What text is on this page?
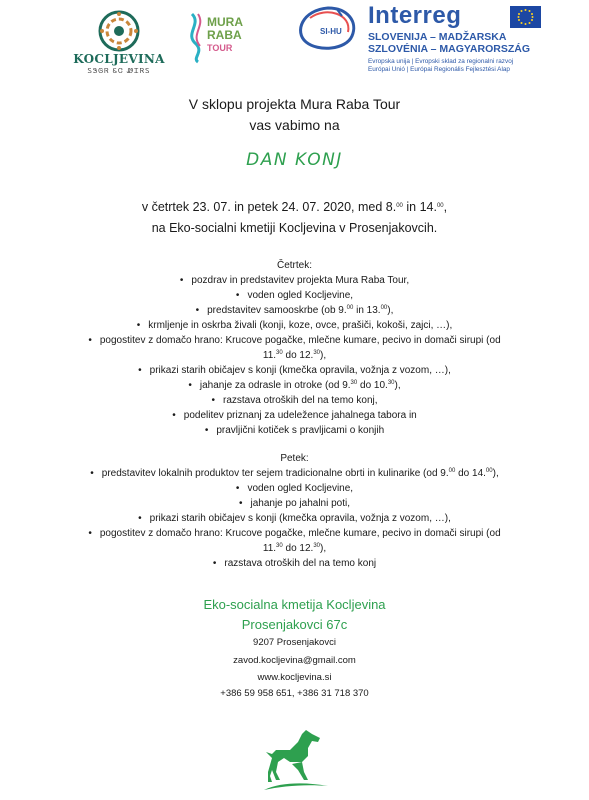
KOCLJEVINA
ᏚᏕᎶᏒ ᏋᏣ ᏪᏆᏒᏚ
MURA
RABA
TOUR
SI-HU
Interreg
SLOVENIJA – MADŽARSKA
SZLOVÉNIA – MAGYARORSZÁG
Evropska unija | Evropski sklad za regionalni razvoj
Európai Unió | Európai Regionális Fejlesztési Alap
V sklopu projekta Mura Raba Tour
vas vabimo na
DAN KONJ
v četrtek 23. 07. in petek 24. 07. 2020, med 8.00 in 14.00,
na Eko-socialni kmetiji Kocljevina v Prosenjakovcih.
Četrtek:
• pozdrav in predstavitev projekta Mura Raba Tour,
• voden ogled Kocljevine,
• predstavitev samooskrbe (ob 9.00 in 13.00),
• krmljenje in oskrba živali (konji, koze, ovce, prašiči, kokoši, zajci, …),
• pogostitev z domačo hrano: Krucove pogačke, mlečne kumare, pecivo in domači sirupi (od
11.30 do 12.30),
• prikazi starih običajev s konji (kmečka opravila, vožnja z vozom, …),
• jahanje za odrasle in otroke (od 9.30 do 10.30),
• razstava otroških del na temo konj,
• podelitev priznanj za udeležence jahalnega tabora in
• pravljični kotiček s pravljicami o konjih
Petek:
• predstavitev lokalnih produktov ter sejem tradicionalne obrti in kulinarike (od 9.00 do 14.00),
• voden ogled Kocljevine,
• jahanje po jahalni poti,
• prikazi starih običajev s konji (kmečka opravila, vožnja z vozom, …),
• pogostitev z domačo hrano: Krucove pogačke, mlečne kumare, pecivo in domači sirupi (od
11.30 do 12.30),
• razstava otroških del na temo konj
Eko-socialna kmetija Kocljevina
Prosenjakovci 67c
9207 Prosenjakovci
zavod.kocljevina@gmail.com
www.kocljevina.si
+386 59 958 651, +386 31 718 370
